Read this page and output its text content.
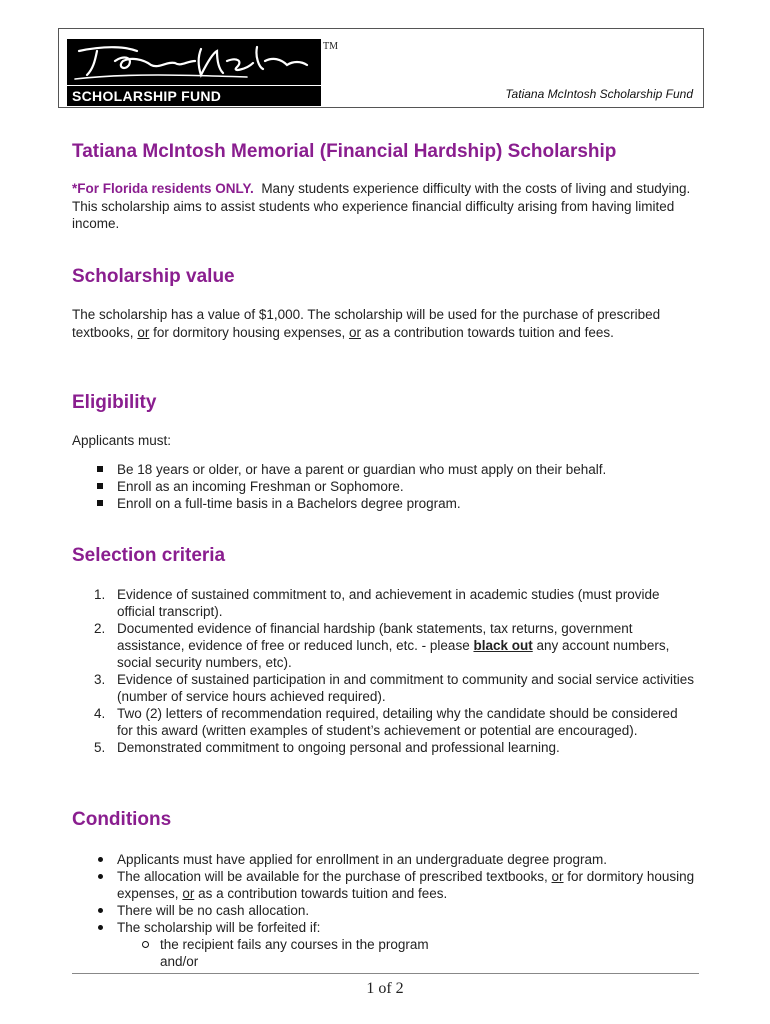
SCHOLARSHIP FUND
TM
Tatiana McIntosh Scholarship Fund
Tatiana McIntosh Memorial (Financial Hardship) Scholarship

*For Florida residents ONLY. Many students experience difficulty with the costs of living and studying. This scholarship aims to assist students who experience financial difficulty arising from having limited income.

Scholarship value

The scholarship has a value of $1,000. The scholarship will be used for the purchase of prescribed textbooks, or for dormitory housing expenses, or as a contribution towards tuition and fees.

Eligibility

Applicants must:

Be 18 years or older, or have a parent or guardian who must apply on their behalf.
Enroll as an incoming Freshman or Sophomore.
Enroll on a full-time basis in a Bachelors degree program.
Selection criteria
1. Evidence of sustained commitment to, and achievement in academic studies (must provide official transcript).
2. Documented evidence of financial hardship (bank statements, tax returns, government assistance, evidence of free or reduced lunch, etc. - please black out any account numbers, social security numbers, etc).
3. Evidence of sustained participation in and commitment to community and social service activities (number of service hours achieved required).
4. Two (2) letters of recommendation required, detailing why the candidate should be considered for this award (written examples of student’s achievement or potential are encouraged).
5. Demonstrated commitment to ongoing personal and professional learning.
Conditions
Applicants must have applied for enrollment in an undergraduate degree program.
The allocation will be available for the purchase of prescribed textbooks, or for dormitory housing expenses, or as a contribution towards tuition and fees.
There will be no cash allocation.
The scholarship will be forfeited if:
the recipient fails any courses in the program
and/or
1 of 2
